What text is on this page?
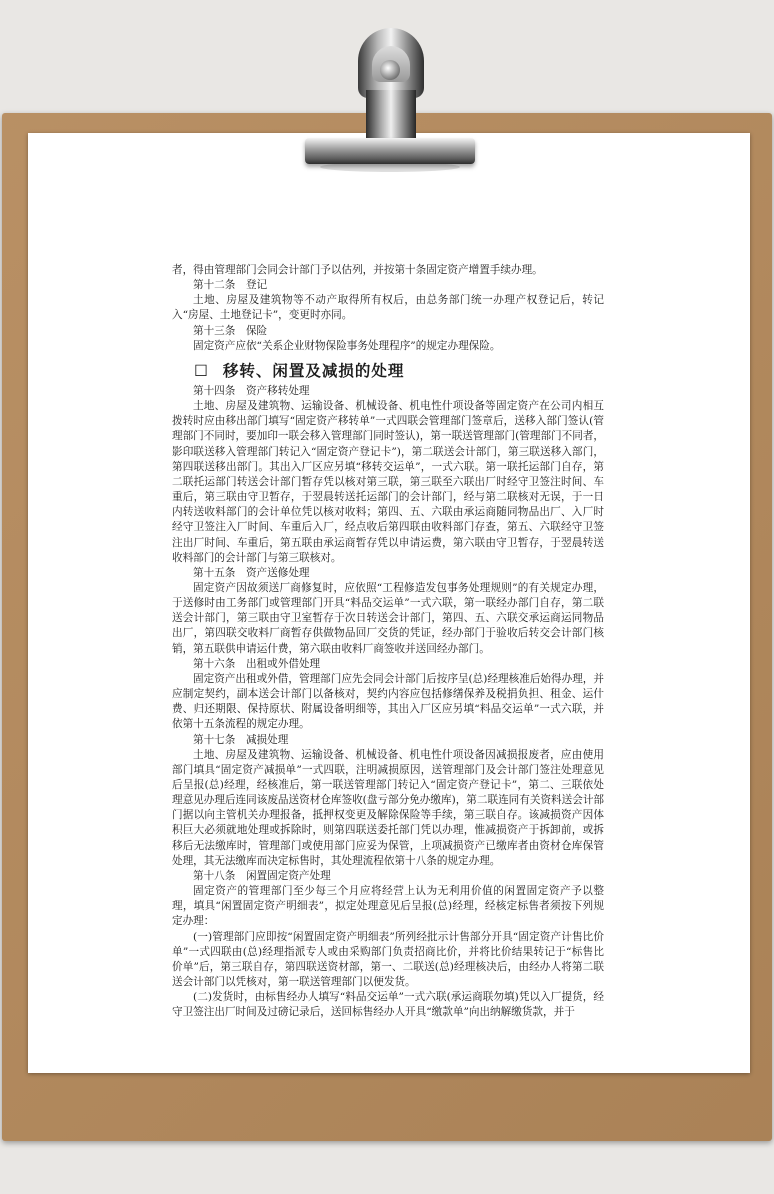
者，得由管理部门会同会计部门予以估列，并按第十条固定资产增置手续办理。

第十二条　登记

土地、房屋及建筑物等不动产取得所有权后，由总务部门统一办理产权登记后，转记入“房屋、土地登记卡”，变更时亦同。

第十三条　保险

固定资产应依“关系企业财物保险事务处理程序”的规定办理保险。

☐ 移转、闲置及减损的处理

第十四条　资产移转处理

土地、房屋及建筑物、运输设备、机械设备、机电性什项设备等固定资产在公司内相互拨转时应由移出部门填写“固定资产移转单”一式四联会管理部门签章后，送移入部门签认(管理部门不同时，要加印一联会移入管理部门同时签认)，第一联送管理部门(管理部门不同者，影印联送移入管理部门转记入“固定资产登记卡”)，第二联送会计部门，第三联送移入部门，第四联送移出部门。其出入厂区应另填“移转交运单”，一式六联。第一联托运部门自存，第二联托运部门转送会计部门暂存凭以核对第三联，第三联至六联出厂时经守卫签注时间、车重后，第三联由守卫暂存，于翌晨转送托运部门的会计部门，经与第二联核对无误，于一日内转送收料部门的会计单位凭以核对收料；第四、五、六联由承运商随同物品出厂、入厂时经守卫签注入厂时间、车重后入厂，经点收后第四联由收料部门存查，第五、六联经守卫签注出厂时间、车重后，第五联由承运商暂存凭以申请运费，第六联由守卫暂存，于翌晨转送收料部门的会计部门与第三联核对。

第十五条　资产送修处理

固定资产因故须送厂商修复时，应依照“工程修造发包事务处理规则”的有关规定办理，于送修时由工务部门或管理部门开具“料品交运单”一式六联，第一联经办部门自存，第二联送会计部门，第三联由守卫室暂存于次日转送会计部门，第四、五、六联交承运商运同物品出厂，第四联交收料厂商暂存供做物品回厂交货的凭证，经办部门于验收后转交会计部门核销，第五联供申请运什费，第六联由收料厂商签收并送回经办部门。

第十六条　出租或外借处理

固定资产出租或外借，管理部门应先会同会计部门后按序呈(总)经理核准后始得办理，并应制定契约，副本送会计部门以备核对，契约内容应包括修缮保养及税捐负担、租金、运什费、归还期限、保持原状、附属设备明细等，其出入厂区应另填“料品交运单”一式六联，并依第十五条流程的规定办理。

第十七条　减损处理

土地、房屋及建筑物、运输设备、机械设备、机电性什项设备因减损报废者，应由使用部门填具“固定资产减损单”一式四联，注明减损原因，送管理部门及会计部门签注处理意见后呈报(总)经理，经核准后，第一联送管理部门转记入“固定资产登记卡”，第二、三联依处理意见办理后连同该废品送资材仓库签收(盘亏部分免办缴库)，第二联连同有关资料送会计部门据以向主管机关办理报备，抵押权变更及解除保险等手续，第三联自存。该减损资产因体积巨大必须就地处理或拆除时，则第四联送委托部门凭以办理，惟减损资产于拆卸前，或拆移后无法缴库时，管理部门或使用部门应妥为保管，上项减损资产已缴库者由资材仓库保管处理，其无法缴库而决定标售时，其处理流程依第十八条的规定办理。

第十八条　闲置固定资产处理

固定资产的管理部门至少每三个月应将经营上认为无利用价值的闲置固定资产予以整理，填具“闲置固定资产明细表”，拟定处理意见后呈报(总)经理，经核定标售者须按下列规定办理：

(一)管理部门应即按“闲置固定资产明细表”所列经批示计售部分开具“固定资产计售比价单”一式四联由(总)经理指派专人或由采购部门负责招商比价，并将比价结果转记于“标售比价单”后，第三联自存，第四联送资材部，第一、二联送(总)经理核决后，由经办人将第二联送会计部门以凭核对，第一联送管理部门以便发货。

(二)发货时，由标售经办人填写“料品交运单”一式六联(承运商联勿填)凭以入厂提货，经守卫签注出厂时间及过磅记录后，送回标售经办人开具“缴款单”向出纳解缴货款，并于
